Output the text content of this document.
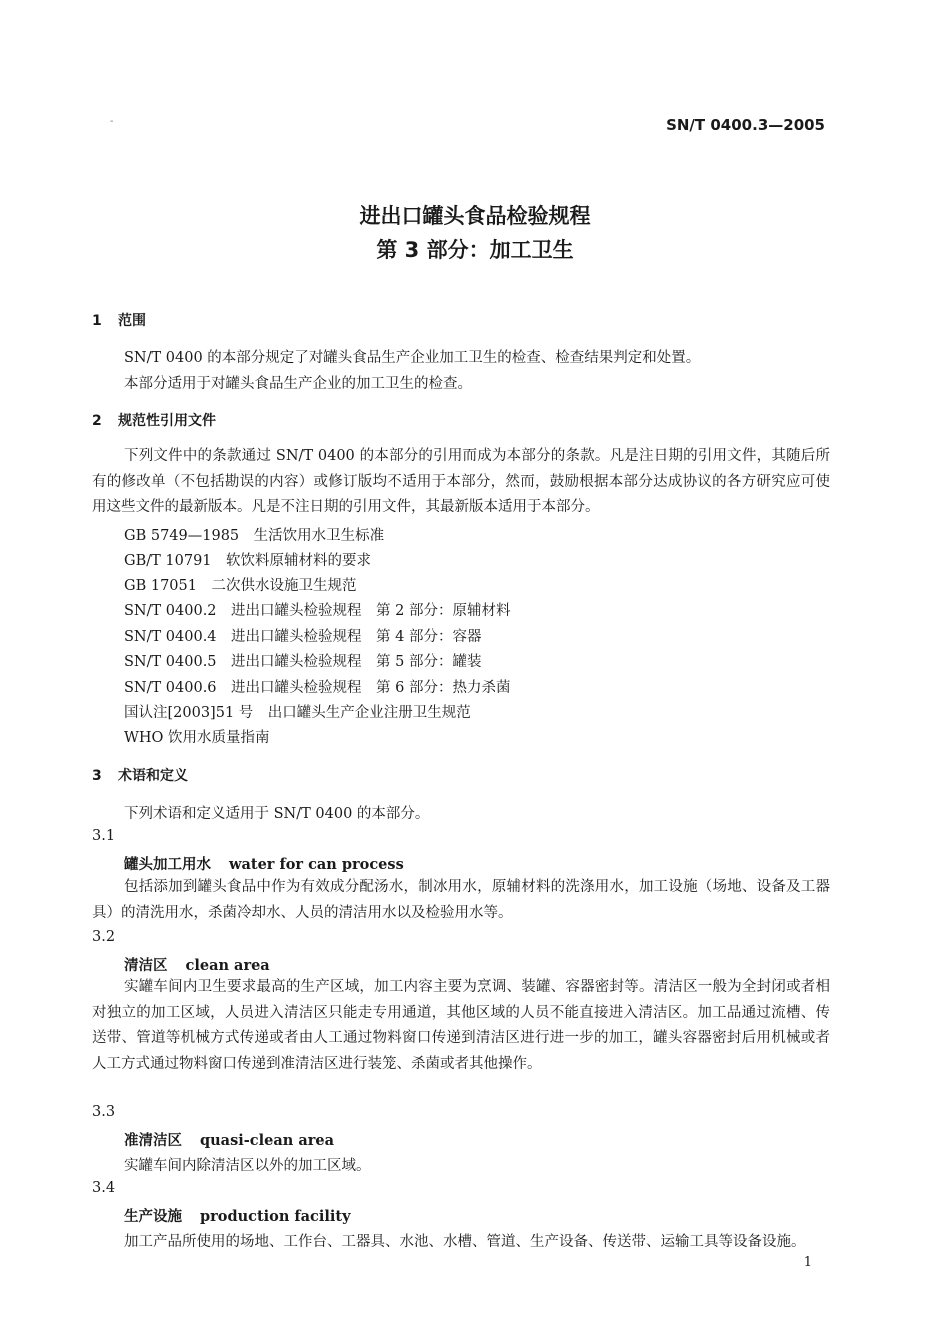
-	SN/T 0400.3—2005
进出口罐头食品检验规程
第 3 部分：加工卫生
1 范围
SN/T 0400 的本部分规定了对罐头食品生产企业加工卫生的检查、检查结果判定和处置。
本部分适用于对罐头食品生产企业的加工卫生的检查。
2 规范性引用文件
下列文件中的条款通过 SN/T 0400 的本部分的引用而成为本部分的条款。凡是注日期的引用文件，其随后所有的修改单（不包括勘误的内容）或修订版均不适用于本部分，然而，鼓励根据本部分达成协议的各方研究应可使用这些文件的最新版本。凡是不注日期的引用文件，其最新版本适用于本部分。
GB 5749—1985　生活饮用水卫生标准
GB/T 10791　软饮料原辅材料的要求
GB 17051　二次供水设施卫生规范
SN/T 0400.2　进出口罐头检验规程　第 2 部分：原辅材料
SN/T 0400.4　进出口罐头检验规程　第 4 部分：容器
SN/T 0400.5　进出口罐头检验规程　第 5 部分：罐装
SN/T 0400.6　进出口罐头检验规程　第 6 部分：热力杀菌
国认注[2003]51 号　出口罐头生产企业注册卫生规范
WHO 饮用水质量指南
3 术语和定义
下列术语和定义适用于 SN/T 0400 的本部分。
3.1
罐头加工用水 water for can process
包括添加到罐头食品中作为有效成分配汤水，制冰用水，原辅材料的洗涤用水，加工设施（场地、设备及工器具）的清洗用水，杀菌冷却水、人员的清洁用水以及检验用水等。
3.2
清洁区 clean area
实罐车间内卫生要求最高的生产区域，加工内容主要为烹调、装罐、容器密封等。清洁区一般为全封闭或者相对独立的加工区域，人员进入清洁区只能走专用通道，其他区域的人员不能直接进入清洁区。加工品通过流槽、传送带、管道等机械方式传递或者由人工通过物料窗口传递到清洁区进行进一步的加工，罐头容器密封后用机械或者人工方式通过物料窗口传递到准清洁区进行装笼、杀菌或者其他操作。
3.3
准清洁区 quasi-clean area
实罐车间内除清洁区以外的加工区域。
3.4
生产设施 production facility
加工产品所使用的场地、工作台、工器具、水池、水槽、管道、生产设备、传送带、运输工具等设备设施。
1
